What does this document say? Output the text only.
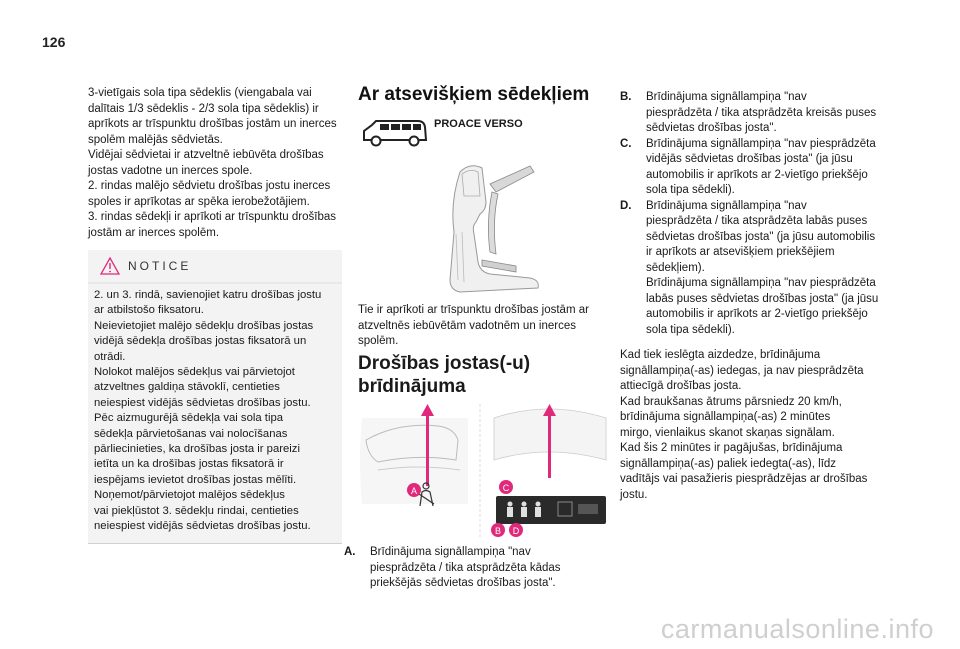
126

3-vietīgais sola tipa sēdeklis (viengabala vai
dalītais 1/3 sēdeklis - 2/3 sola tipa sēdeklis) ir
aprīkots ar trīspunktu drošības jostām un inerces
spolēm malējās sēdvietās.
Vidējai sēdvietai ir atzveltnē iebūvēta drošības
jostas vadotne un inerces spole.
2. rindas malējo sēdvietu drošības jostu inerces
spoles ir aprīkotas ar spēka ierobežotājiem.
3. rindas sēdekļi ir aprīkoti ar trīspunktu drošības
jostām ar inerces spolēm.

NOTICE
2. un 3. rindā, savienojiet katru drošības jostu
ar atbilstošo fiksatoru.
Neievietojiet malējo sēdekļu drošības jostas
vidējā sēdekļa drošības jostas fiksatorā un
otrādi.
Nolokot malējos sēdekļus vai pārvietojot
atzveltnes galdiņa stāvoklī, centieties
neiespiest vidējās sēdvietas drošības jostu.
Pēc aizmugurējā sēdekļa vai sola tipa
sēdekļa pārvietošanas vai nolocīšanas
pārliecinieties, ka drošības josta ir pareizi
ietīta un ka drošības jostas fiksatorā ir
iespējams ievietot drošības jostas mēlīti.
Noņemot/pārvietojot malējos sēdekļus
vai piekļūstot 3. sēdekļu rindai, centieties
neiespiest vidējās sēdvietas drošības jostu.
Ar atsevišķiem sēdekļiem
PROACE VERSO

Tie ir aprīkoti ar trīspunktu drošības jostām ar
atzveltnēs iebūvētām vadotnēm un inerces
spolēm.

Drošības jostas(-u) brīdinājuma
A
B
C
D
A. Brīdinājuma signāllampiņa "nav
piesprādzēta / tika atsprādzēta kādas
priekšējās sēdvietas drošības josta".
B. Brīdinājuma signāllampiņa "nav
piesprādzēta / tika atsprādzēta kreisās puses
sēdvietas drošības josta".
C. Brīdinājuma signāllampiņa "nav piesprādzēta
vidējās sēdvietas drošības josta" (ja jūsu
automobilis ir aprīkots ar 2-vietīgo priekšējo
sola tipa sēdekli).
D. Brīdinājuma signāllampiņa "nav
piesprādzēta / tika atsprādzēta labās puses
sēdvietas drošības josta" (ja jūsu automobilis
ir aprīkots ar atsevišķiem priekšējiem
sēdekļiem).
Brīdinājuma signāllampiņa "nav piesprādzēta
labās puses sēdvietas drošības josta" (ja jūsu
automobilis ir aprīkots ar 2-vietīgo priekšējo
sola tipa sēdekli).

Kad tiek ieslēgta aizdedze, brīdinājuma
signāllampiņa(-as) iedegas, ja nav piesprādzēta
attiecīgā drošības josta.
Kad braukšanas ātrums pārsniedz 20 km/h,
brīdinājuma signāllampiņa(-as) 2 minūtes
mirgo, vienlaikus skanot skaņas signālam.
Kad šis 2 minūtes ir pagājušas, brīdinājuma
signāllampiņa(-as) paliek iedegta(-as), līdz
vadītājs vai pasažieris piesprādzējas ar drošības
jostu.

carmanualsonline.info
